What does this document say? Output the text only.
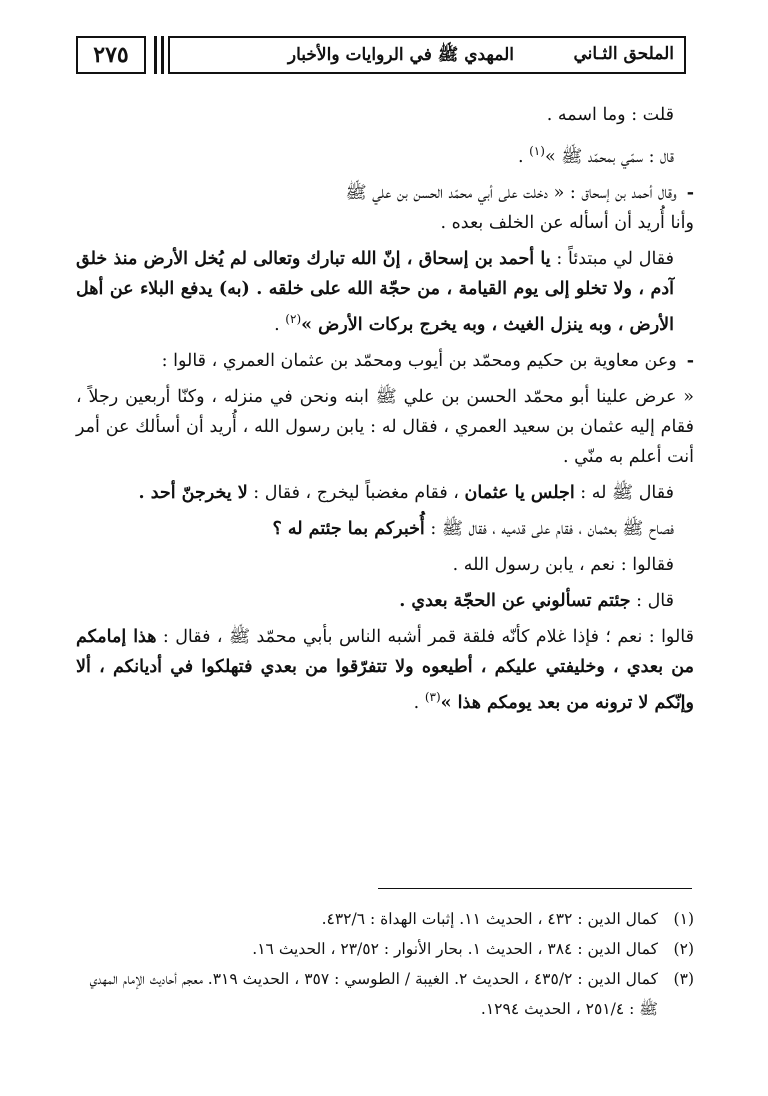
٢٧٥	الملحق الثـاني
المهدي ﷺ في الروايات والأخبار

قلت : وما اسمه .

قال : سمّي بمحمّد ﷺ »$^{(١)}$ .

-وقال أحمد بن إسحاق : « دخلت على أبي محمّد الحسن بن علي ﷺ
وأنا أُريد أن أسأله عن الخلف بعده .

فقال لي مبتدئاً : يا أحمد بن إسحاق ، إنّ الله تبارك وتعالى لم يُخل الأرض منذ خلق آدم ، ولا تخلو إلى يوم القيامة ، من حجّة الله على خلقه . (به) يدفع البلاء عن أهل الأرض ، وبه ينزل الغيث ، وبه يخرج بركات الأرض »$^{(٢)}$ .

-وعن معاوية بن حكيم ومحمّد بن أيوب ومحمّد بن عثمان العمري ، قالوا :

« عرض علينا أبو محمّد الحسن بن علي ﷺ ابنه ونحن في منزله ، وكنّا أربعين رجلاً ، فقام إليه عثمان بن سعيد العمري ، فقال له : يابن رسول الله ، أُريد أن أسألك عن أمر أنت أعلم به منّي .

فقال ﷺ له : اجلس يا عثمان ، فقام مغضباً ليخرج ، فقال : لا يخرجنّ أحد .

فصاح ﷺ بعثمان ، فقام على قدميه ، فقال ﷺ : أُخبركم بما جئتم له ؟

فقالوا : نعم ، يابن رسول الله .

قال : جئتم تسألوني عن الحجّة بعدي .

قالوا : نعم ؛ فإذا غلام كأنّه فلقة قمر أشبه الناس بأبي محمّد ﷺ ، فقال : هذا إمامكم من بعدي ، وخليفتي عليكم ، أطيعوه ولا تتفرّقوا من بعدي فتهلكوا في أديانكم ، ألا وإنّكم لا ترونه من بعد يومكم هذا »$^{(٣)}$ .

(١)
كمال الدين : ٤٣٢ ، الحديث ١١. إثبات الهداة : ٤٣٢/٦.

(٢)
كمال الدين : ٣٨٤ ، الحديث ١. بحار الأنوار : ٢٣/٥٢ ، الحديث ١٦.

(٣)
كمال الدين : ٤٣٥/٢ ، الحديث ٢. الغيبة / الطوسي : ٣٥٧ ، الحديث ٣١٩. معجم أحاديث الإمام المهدي ﷺ : ٢٥١/٤ ، الحديث ١٢٩٤.
